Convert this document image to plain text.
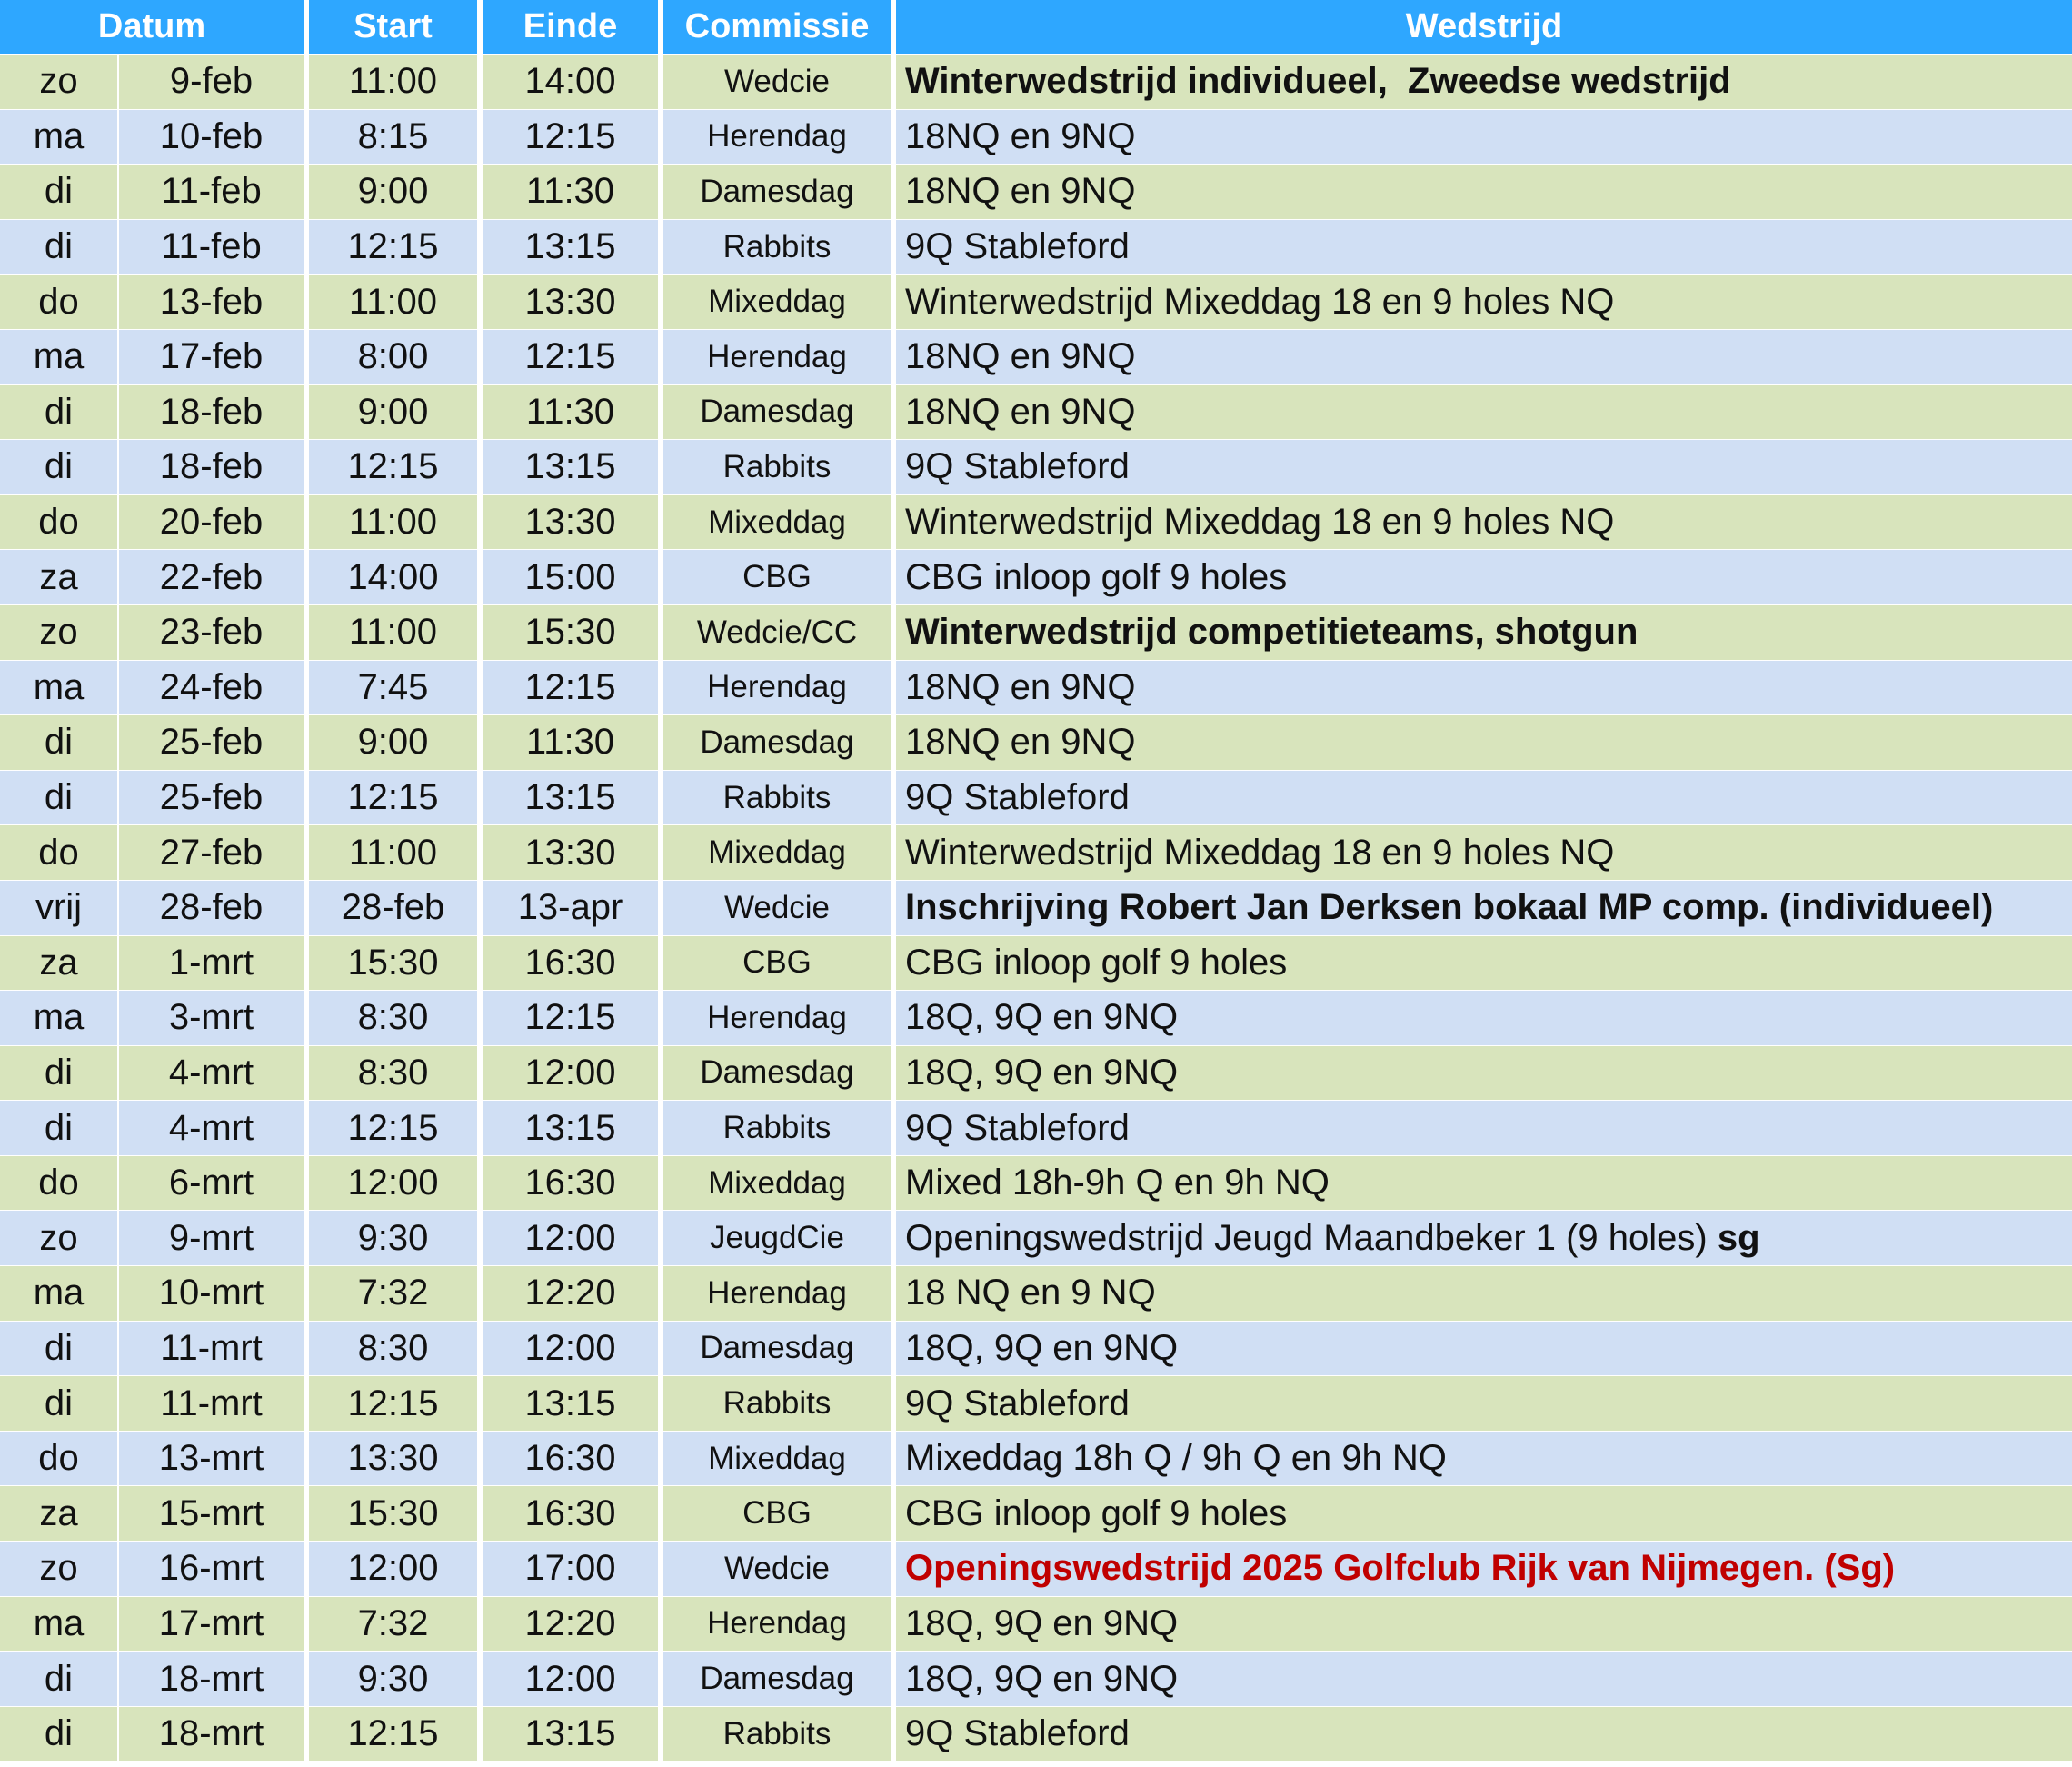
Datum	Start	Einde	Commissie	Wedstrijd
zo	9-feb	11:00	14:00	Wedcie	Winterwedstrijd individueel,  Zweedse wedstrijd
ma	10-feb	8:15	12:15	Herendag	18NQ en 9NQ
di	11-feb	9:00	11:30	Damesdag	18NQ en 9NQ
di	11-feb	12:15	13:15	Rabbits	9Q Stableford
do	13-feb	11:00	13:30	Mixeddag	Winterwedstrijd Mixeddag 18 en 9 holes NQ
ma	17-feb	8:00	12:15	Herendag	18NQ en 9NQ
di	18-feb	9:00	11:30	Damesdag	18NQ en 9NQ
di	18-feb	12:15	13:15	Rabbits	9Q Stableford
do	20-feb	11:00	13:30	Mixeddag	Winterwedstrijd Mixeddag 18 en 9 holes NQ
za	22-feb	14:00	15:00	CBG	CBG inloop golf 9 holes
zo	23-feb	11:00	15:30	Wedcie/CC	Winterwedstrijd competitieteams, shotgun
ma	24-feb	7:45	12:15	Herendag	18NQ en 9NQ
di	25-feb	9:00	11:30	Damesdag	18NQ en 9NQ
di	25-feb	12:15	13:15	Rabbits	9Q Stableford
do	27-feb	11:00	13:30	Mixeddag	Winterwedstrijd Mixeddag 18 en 9 holes NQ
vrij	28-feb	28-feb	13-apr	Wedcie	Inschrijving Robert Jan Derksen bokaal MP comp. (individueel)
za	1-mrt	15:30	16:30	CBG	CBG inloop golf 9 holes
ma	3-mrt	8:30	12:15	Herendag	18Q, 9Q en 9NQ
di	4-mrt	8:30	12:00	Damesdag	18Q, 9Q en 9NQ
di	4-mrt	12:15	13:15	Rabbits	9Q Stableford
do	6-mrt	12:00	16:30	Mixeddag	Mixed 18h-9h Q en 9h NQ
zo	9-mrt	9:30	12:00	JeugdCie	Openingswedstrijd Jeugd Maandbeker 1 (9 holes) sg
ma	10-mrt	7:32	12:20	Herendag	18 NQ en 9 NQ
di	11-mrt	8:30	12:00	Damesdag	18Q, 9Q en 9NQ
di	11-mrt	12:15	13:15	Rabbits	9Q Stableford
do	13-mrt	13:30	16:30	Mixeddag	Mixeddag 18h Q / 9h Q en 9h NQ
za	15-mrt	15:30	16:30	CBG	CBG inloop golf 9 holes
zo	16-mrt	12:00	17:00	Wedcie	Openingswedstrijd 2025 Golfclub Rijk van Nijmegen. (Sg)
ma	17-mrt	7:32	12:20	Herendag	18Q, 9Q en 9NQ
di	18-mrt	9:30	12:00	Damesdag	18Q, 9Q en 9NQ
di	18-mrt	12:15	13:15	Rabbits	9Q Stableford
